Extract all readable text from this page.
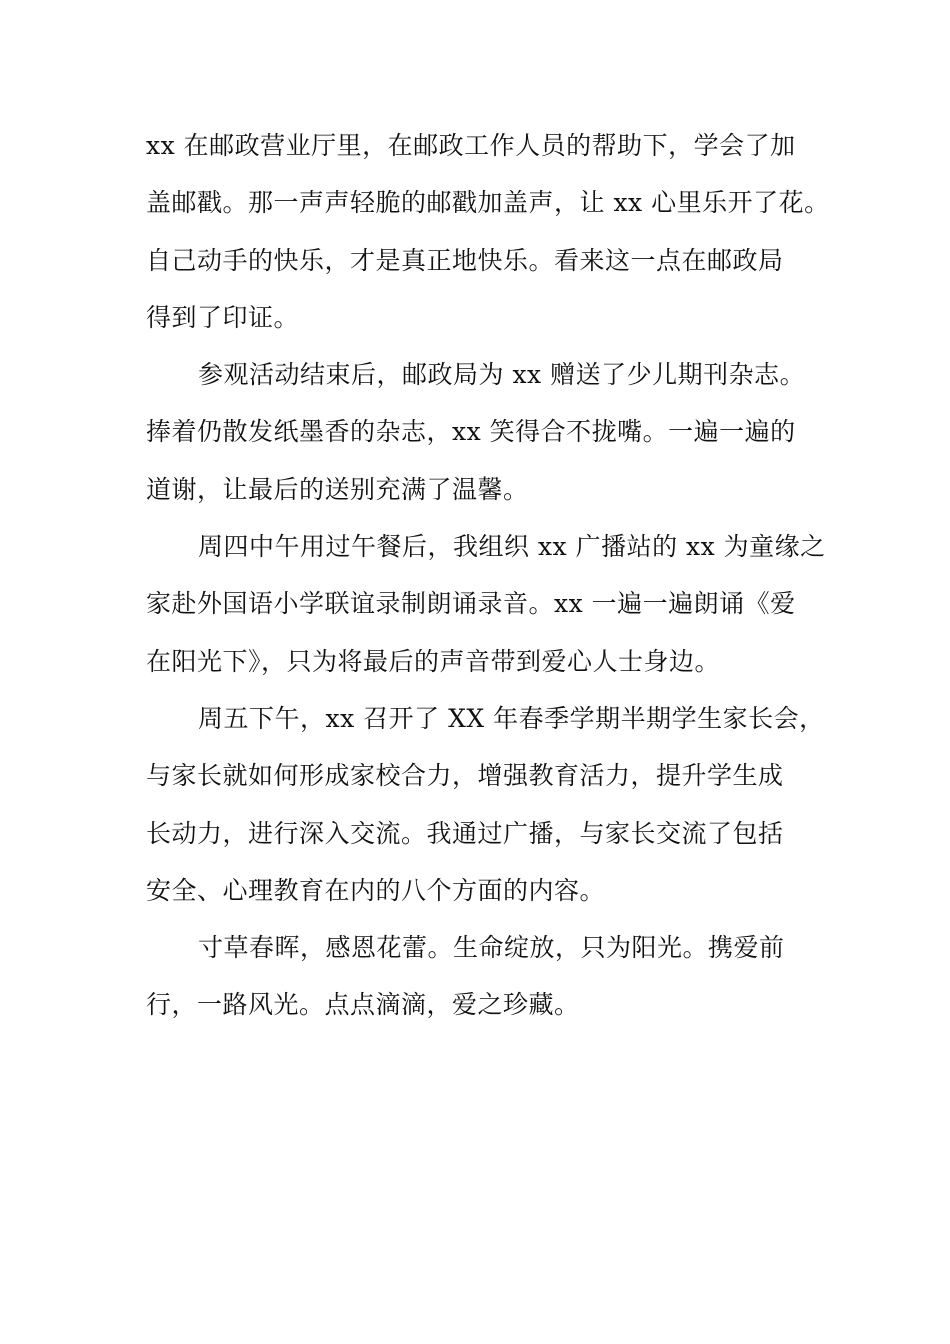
xx 在邮政营业厅里，在邮政工作人员的帮助下，学会了加
盖邮戳。那一声声轻脆的邮戳加盖声，让 xx 心里乐开了花。
自己动手的快乐，才是真正地快乐。看来这一点在邮政局
得到了印证。
参观活动结束后，邮政局为 xx 赠送了少儿期刊杂志。
捧着仍散发纸墨香的杂志，xx 笑得合不拢嘴。一遍一遍的
道谢，让最后的送别充满了温馨。
周四中午用过午餐后，我组织 xx 广播站的 xx 为童缘之
家赴外国语小学联谊录制朗诵录音。xx 一遍一遍朗诵《爱
在阳光下》，只为将最后的声音带到爱心人士身边。
周五下午，xx 召开了 XX 年春季学期半期学生家长会，
与家长就如何形成家校合力，增强教育活力，提升学生成
长动力，进行深入交流。我通过广播，与家长交流了包括
安全、心理教育在内的八个方面的内容。
寸草春晖，感恩花蕾。生命绽放，只为阳光。携爱前
行，一路风光。点点滴滴，爱之珍藏。
